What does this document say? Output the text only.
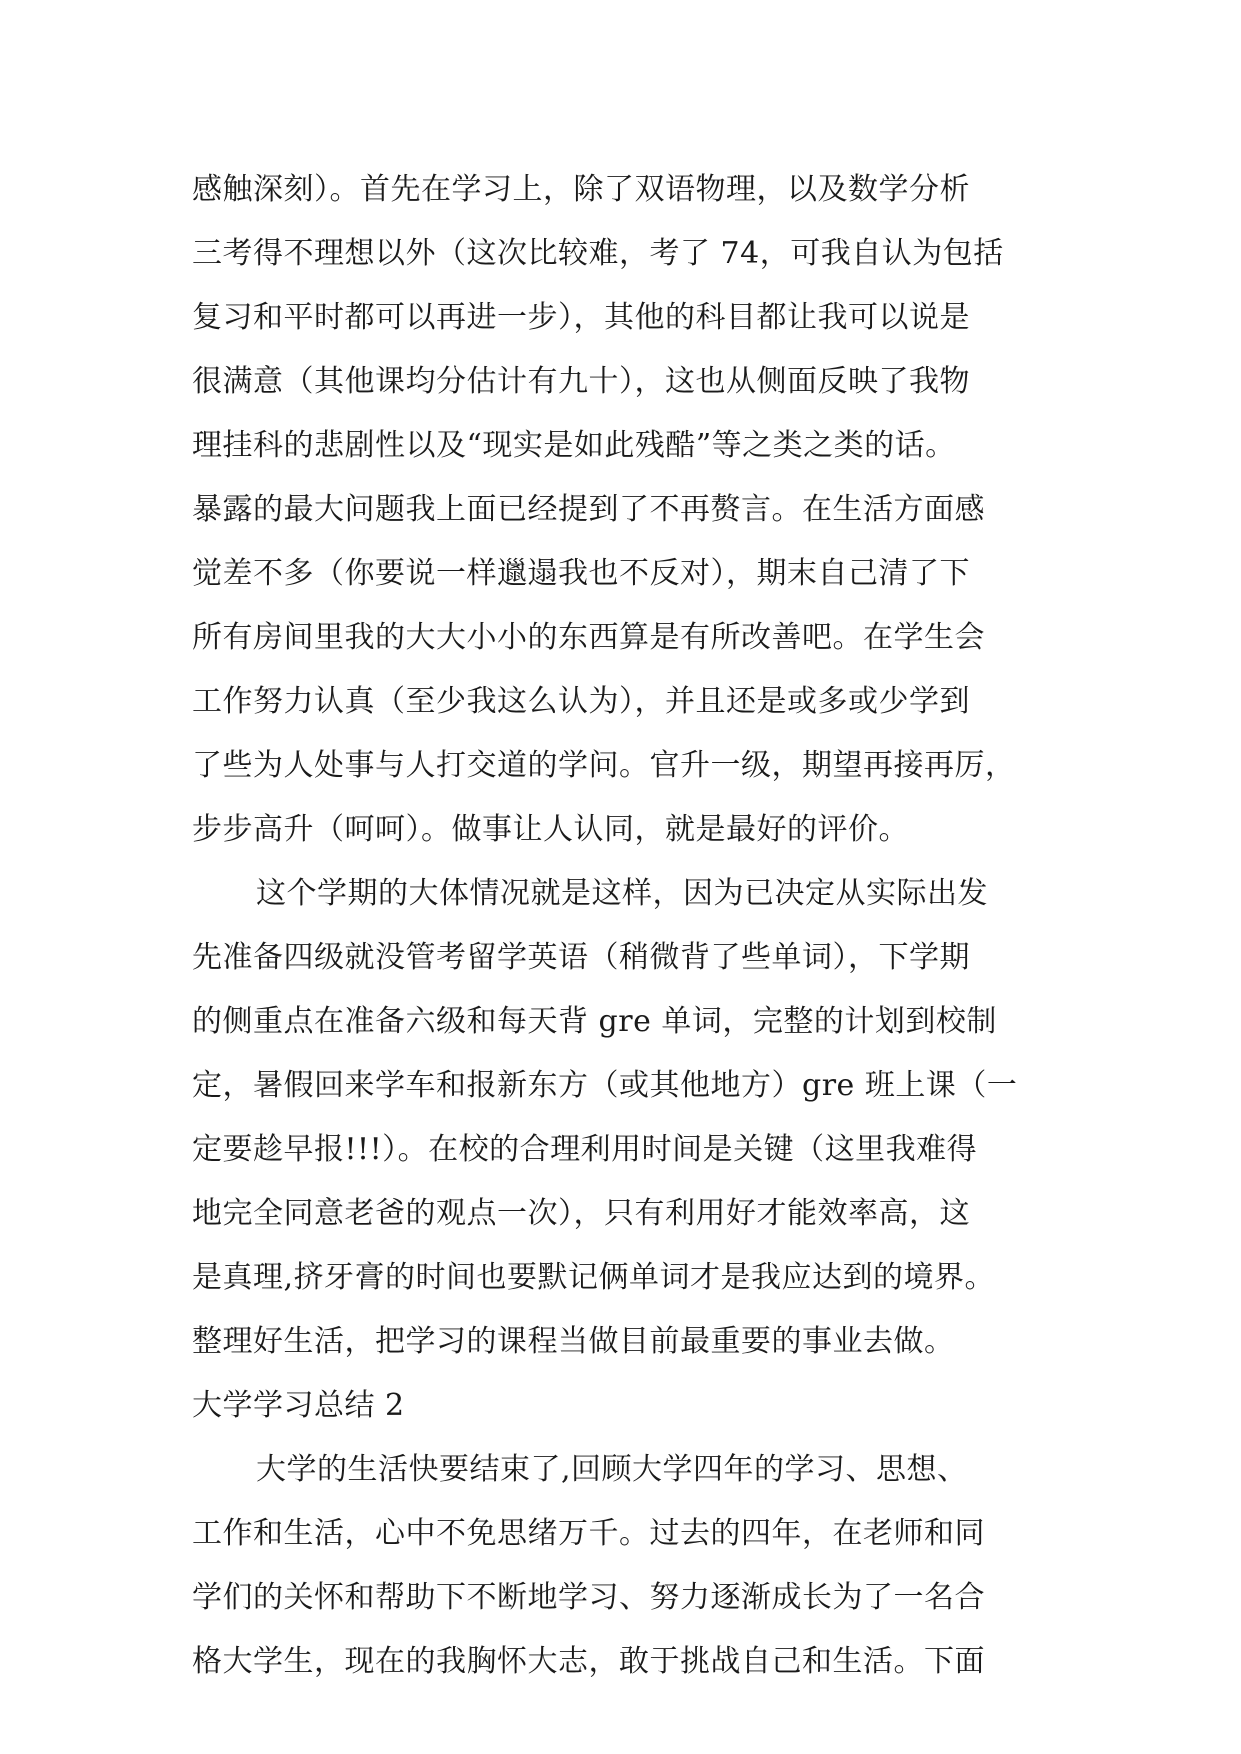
感触深刻）。首先在学习上，除了双语物理，以及数学分析
三考得不理想以外（这次比较难，考了 74，可我自认为包括
复习和平时都可以再进一步），其他的科目都让我可以说是
很满意（其他课均分估计有九十），这也从侧面反映了我物
理挂科的悲剧性以及“现实是如此残酷”等之类之类的话。
暴露的最大问题我上面已经提到了不再赘言。在生活方面感
觉差不多（你要说一样邋遢我也不反对），期末自己清了下
所有房间里我的大大小小的东西算是有所改善吧。在学生会
工作努力认真（至少我这么认为），并且还是或多或少学到
了些为人处事与人打交道的学问。官升一级，期望再接再厉，
步步高升（呵呵）。做事让人认同，就是最好的评价。
这个学期的大体情况就是这样，因为已决定从实际出发
先准备四级就没管考留学英语（稍微背了些单词），下学期
的侧重点在准备六级和每天背 gre 单词，完整的计划到校制
定，暑假回来学车和报新东方（或其他地方）gre 班上课（一
定要趁早报!!!）。在校的合理利用时间是关键（这里我难得
地完全同意老爸的观点一次），只有利用好才能效率高，这
是真理,挤牙膏的时间也要默记俩单词才是我应达到的境界。
整理好生活，把学习的课程当做目前最重要的事业去做。
大学学习总结 2
大学的生活快要结束了,回顾大学四年的学习、思想、
工作和生活，心中不免思绪万千。过去的四年，在老师和同
学们的关怀和帮助下不断地学习、努力逐渐成长为了一名合
格大学生，现在的我胸怀大志，敢于挑战自己和生活。下面
